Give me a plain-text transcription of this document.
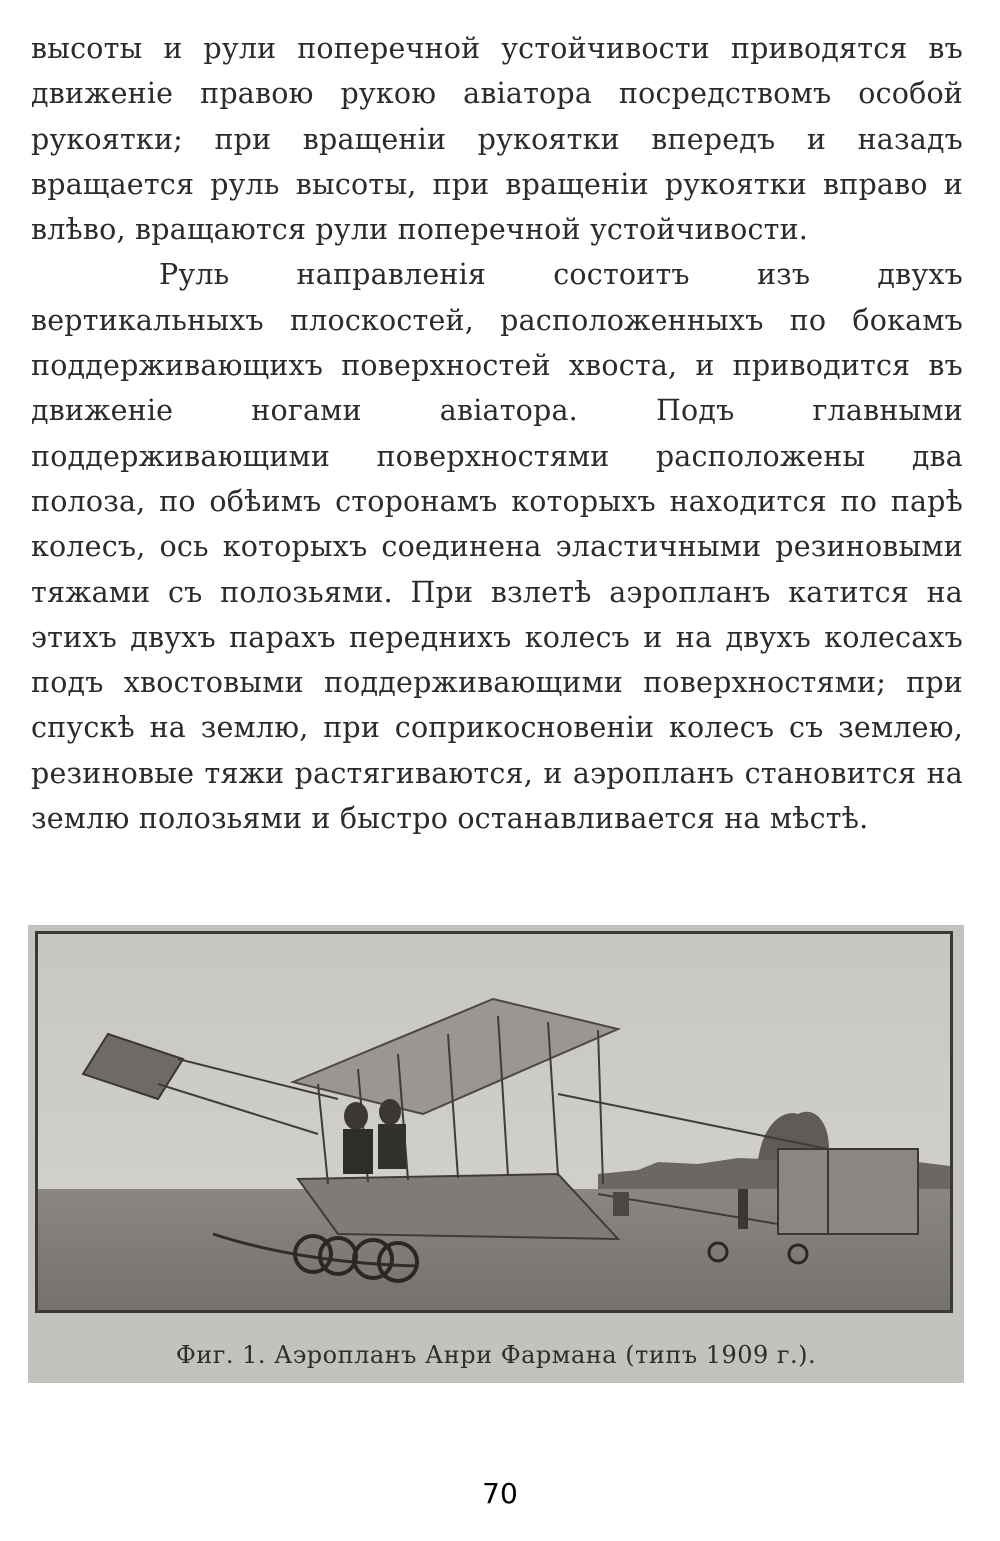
высоты и рули поперечной устойчивости приводятся въ движенiе правою рукою авiатора посредствомъ особой рукоятки; при вращенiи рукоятки впередъ и назадъ вращается руль высоты, при вращенiи рукоятки вправо и влѣво, вращаются рули поперечной устойчивости.

Руль направленiя состоитъ изъ двухъ вертикальныхъ плоскостей, расположенныхъ по бокамъ поддерживающихъ поверхностей хвоста, и приводится въ движенiе ногами авiатора. Подъ главными поддерживающими поверхностями расположены два полоза, по обѣимъ сторонамъ которыхъ находится по парѣ колесъ, ось которыхъ соединена эластичными резиновыми тяжами съ полозьями. При взлетѣ аэропланъ катится на этихъ двухъ парахъ переднихъ колесъ и на двухъ колесахъ подъ хвостовыми поддерживающими поверхностями; при спускѣ на землю, при соприкосновенiи колесъ съ землею, резиновые тяжи растягиваются, и аэропланъ становится на землю полозьями и быстро останавливается на мѣстѣ.

Фиг. 1. Аэропланъ Анри Фармана (типъ 1909 г.).
70
